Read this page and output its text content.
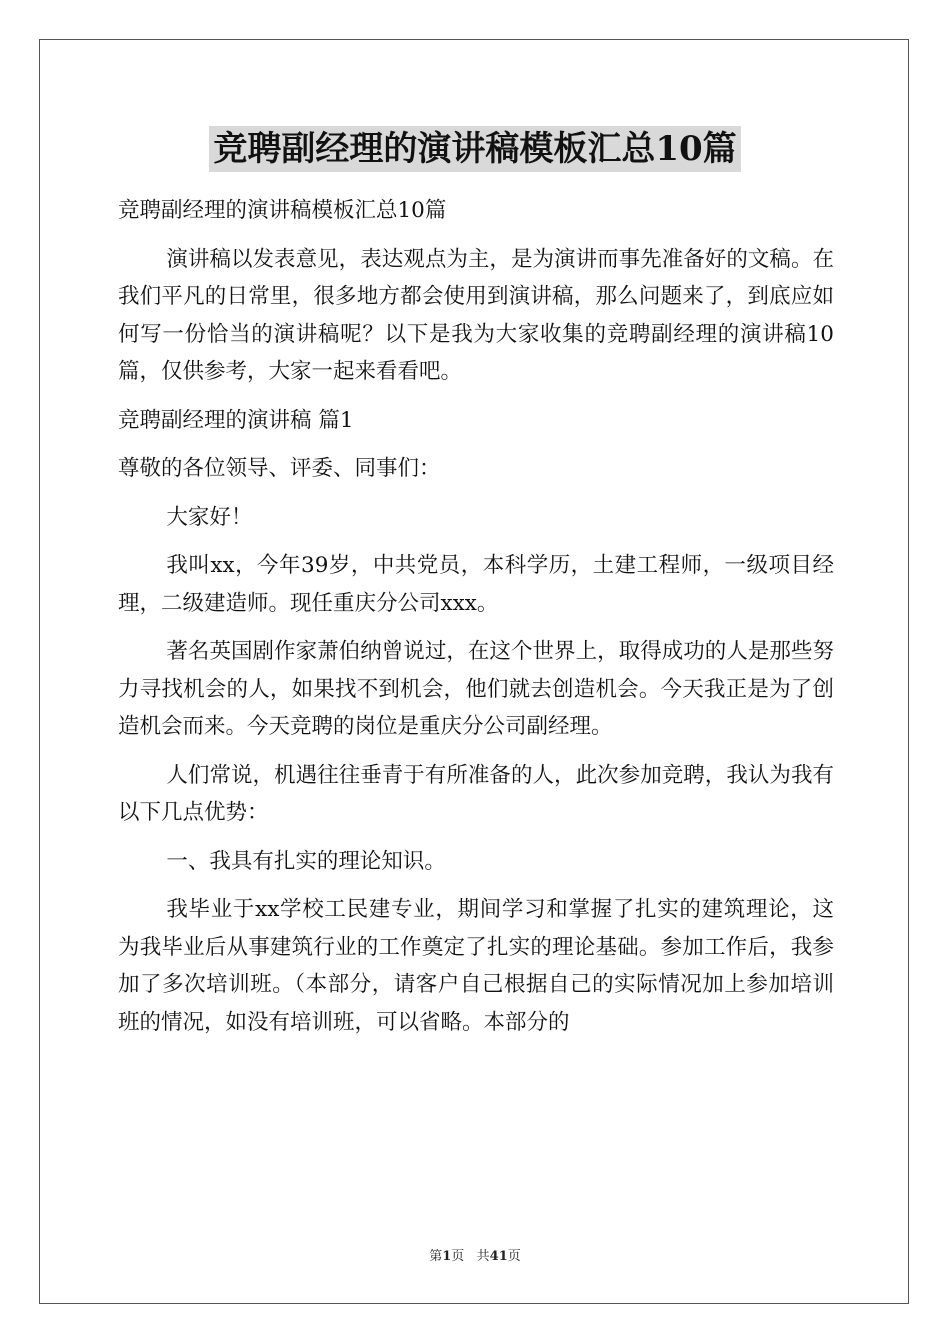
竞聘副经理的演讲稿模板汇总10篇

竞聘副经理的演讲稿模板汇总10篇

演讲稿以发表意见，表达观点为主，是为演讲而事先准备好的文稿。在我们平凡的日常里，很多地方都会使用到演讲稿，那么问题来了，到底应如何写一份恰当的演讲稿呢？以下是我为大家收集的竞聘副经理的演讲稿10篇，仅供参考，大家一起来看看吧。

竞聘副经理的演讲稿 篇1

尊敬的各位领导、评委、同事们：

大家好！

我叫xx，今年39岁，中共党员，本科学历，土建工程师，一级项目经理，二级建造师。现任重庆分公司xxx。

著名英国剧作家萧伯纳曾说过，在这个世界上，取得成功的人是那些努力寻找机会的人，如果找不到机会，他们就去创造机会。今天我正是为了创造机会而来。今天竞聘的岗位是重庆分公司副经理。

人们常说，机遇往往垂青于有所准备的人，此次参加竞聘，我认为我有以下几点优势：

一、我具有扎实的理论知识。

我毕业于xx学校工民建专业，期间学习和掌握了扎实的建筑理论，这为我毕业后从事建筑行业的工作奠定了扎实的理论基础。参加工作后，我参加了多次培训班。（本部分，请客户自己根据自己的实际情况加上参加培训班的情况，如没有培训班，可以省略。本部分的

第1页   共41页
